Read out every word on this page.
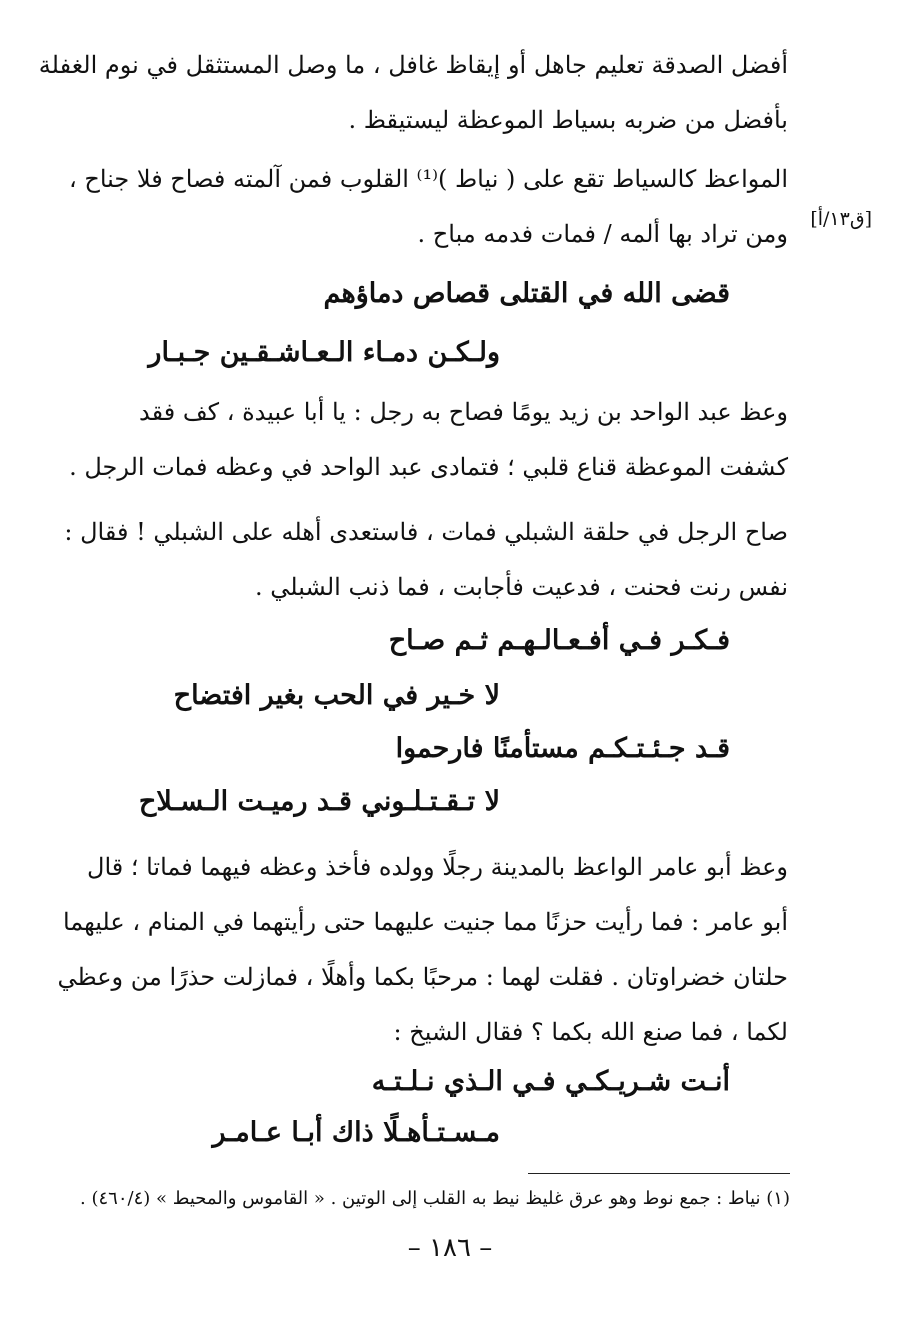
أفضل الصدقة تعليم جاهل أو إيقاظ غافل ، ما وصل المستثقل في نوم الغفلة
بأفضل من ضربه بسياط الموعظة ليستيقظ .
المواعظ كالسياط تقع على ( نياط )⁽¹⁾ القلوب فمن آلمته فصاح فلا جناح ،
ومن تراد بها ألمه / فمات فدمه مباح .
[ق١٣/أ]
قضى الله في القتلى قصاص دماؤهم
ولـكـن دمـاء الـعـاشـقـين جـبـار
وعظ عبد الواحد بن زيد يومًا فصاح به رجل : يا أبا عبيدة ، كف فقد
كشفت الموعظة قناع قلبي ؛ فتمادى عبد الواحد في وعظه فمات الرجل .
صاح الرجل في حلقة الشبلي فمات ، فاستعدى أهله على الشبلي ! فقال :
نفس رنت فحنت ، فدعيت فأجابت ، فما ذنب الشبلي .
فـكـر فـي أفـعـالـهـم ثـم صـاح
لا خـير في الحب بغير افتضاح
قـد جـئـتـكـم مستأمنًا فارحموا
لا تـقـتـلـوني قـد رميـت الـسـلاح
وعظ أبو عامر الواعظ بالمدينة رجلًا وولده فأخذ وعظه فيهما فماتا ؛ قال
أبو عامر : فما رأيت حزنًا مما جنيت عليهما حتى رأيتهما في المنام ، عليهما
حلتان خضراوتان . فقلت لهما : مرحبًا بكما وأهلًا ، فمازلت حذرًا من وعظي
لكما ، فما صنع الله بكما ؟ فقال الشيخ :
أنـت شـريـكـي فـي الـذي نـلـتـه
مـسـتـأهـلًا ذاك أبـا عـامـر
(١) نياط : جمع نوط وهو عرق غليظ نيط به القلب إلى الوتين . « القاموس والمحيط » (٤٦٠/٤) .
– ١٨٦ –
